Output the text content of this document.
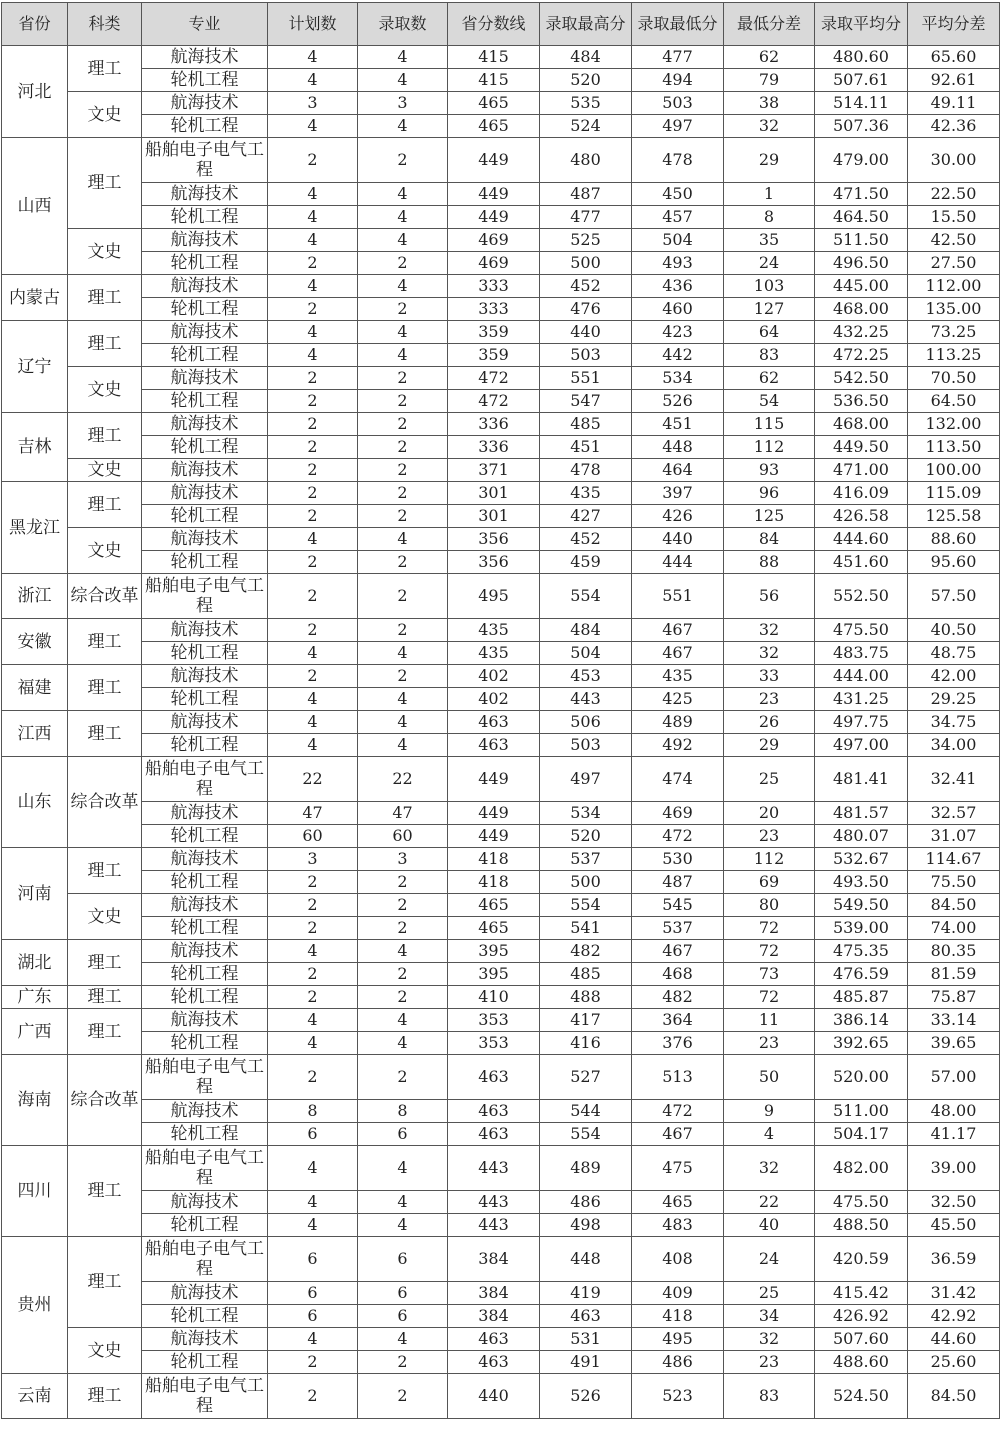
省份	科类	专业	计划数	录取数	省分数线	录取最高分	录取最低分	最低分差	录取平均分	平均分差
河北	理工	航海技术	4	4	415	484	477	62	480.60	65.60
		轮机工程	4	4	415	520	494	79	507.61	92.61
	文史	航海技术	3	3	465	535	503	38	514.11	49.11
		轮机工程	4	4	465	524	497	32	507.36	42.36
山西	理工	船舶电子电气工程	2	2	449	480	478	29	479.00	30.00
		航海技术	4	4	449	487	450	1	471.50	22.50
		轮机工程	4	4	449	477	457	8	464.50	15.50
	文史	航海技术	4	4	469	525	504	35	511.50	42.50
		轮机工程	2	2	469	500	493	24	496.50	27.50
内蒙古	理工	航海技术	4	4	333	452	436	103	445.00	112.00
		轮机工程	2	2	333	476	460	127	468.00	135.00
辽宁	理工	航海技术	4	4	359	440	423	64	432.25	73.25
		轮机工程	4	4	359	503	442	83	472.25	113.25
	文史	航海技术	2	2	472	551	534	62	542.50	70.50
		轮机工程	2	2	472	547	526	54	536.50	64.50
吉林	理工	航海技术	2	2	336	485	451	115	468.00	132.00
		轮机工程	2	2	336	451	448	112	449.50	113.50
	文史	航海技术	2	2	371	478	464	93	471.00	100.00
黑龙江	理工	航海技术	2	2	301	435	397	96	416.09	115.09
		轮机工程	2	2	301	427	426	125	426.58	125.58
	文史	航海技术	4	4	356	452	440	84	444.60	88.60
		轮机工程	2	2	356	459	444	88	451.60	95.60
浙江	综合改革	船舶电子电气工程	2	2	495	554	551	56	552.50	57.50
安徽	理工	航海技术	2	2	435	484	467	32	475.50	40.50
		轮机工程	4	4	435	504	467	32	483.75	48.75
福建	理工	航海技术	2	2	402	453	435	33	444.00	42.00
		轮机工程	4	4	402	443	425	23	431.25	29.25
江西	理工	航海技术	4	4	463	506	489	26	497.75	34.75
		轮机工程	4	4	463	503	492	29	497.00	34.00
山东	综合改革	船舶电子电气工程	22	22	449	497	474	25	481.41	32.41
		航海技术	47	47	449	534	469	20	481.57	32.57
		轮机工程	60	60	449	520	472	23	480.07	31.07
河南	理工	航海技术	3	3	418	537	530	112	532.67	114.67
		轮机工程	2	2	418	500	487	69	493.50	75.50
	文史	航海技术	2	2	465	554	545	80	549.50	84.50
		轮机工程	2	2	465	541	537	72	539.00	74.00
湖北	理工	航海技术	4	4	395	482	467	72	475.35	80.35
		轮机工程	2	2	395	485	468	73	476.59	81.59
广东	理工	轮机工程	2	2	410	488	482	72	485.87	75.87
广西	理工	航海技术	4	4	353	417	364	11	386.14	33.14
		轮机工程	4	4	353	416	376	23	392.65	39.65
海南	综合改革	船舶电子电气工程	2	2	463	527	513	50	520.00	57.00
		航海技术	8	8	463	544	472	9	511.00	48.00
		轮机工程	6	6	463	554	467	4	504.17	41.17
四川	理工	船舶电子电气工程	4	4	443	489	475	32	482.00	39.00
		航海技术	4	4	443	486	465	22	475.50	32.50
		轮机工程	4	4	443	498	483	40	488.50	45.50
贵州	理工	船舶电子电气工程	6	6	384	448	408	24	420.59	36.59
		航海技术	6	6	384	419	409	25	415.42	31.42
		轮机工程	6	6	384	463	418	34	426.92	42.92
	文史	航海技术	4	4	463	531	495	32	507.60	44.60
		轮机工程	2	2	463	491	486	23	488.60	25.60
云南	理工	船舶电子电气工程	2	2	440	526	523	83	524.50	84.50
